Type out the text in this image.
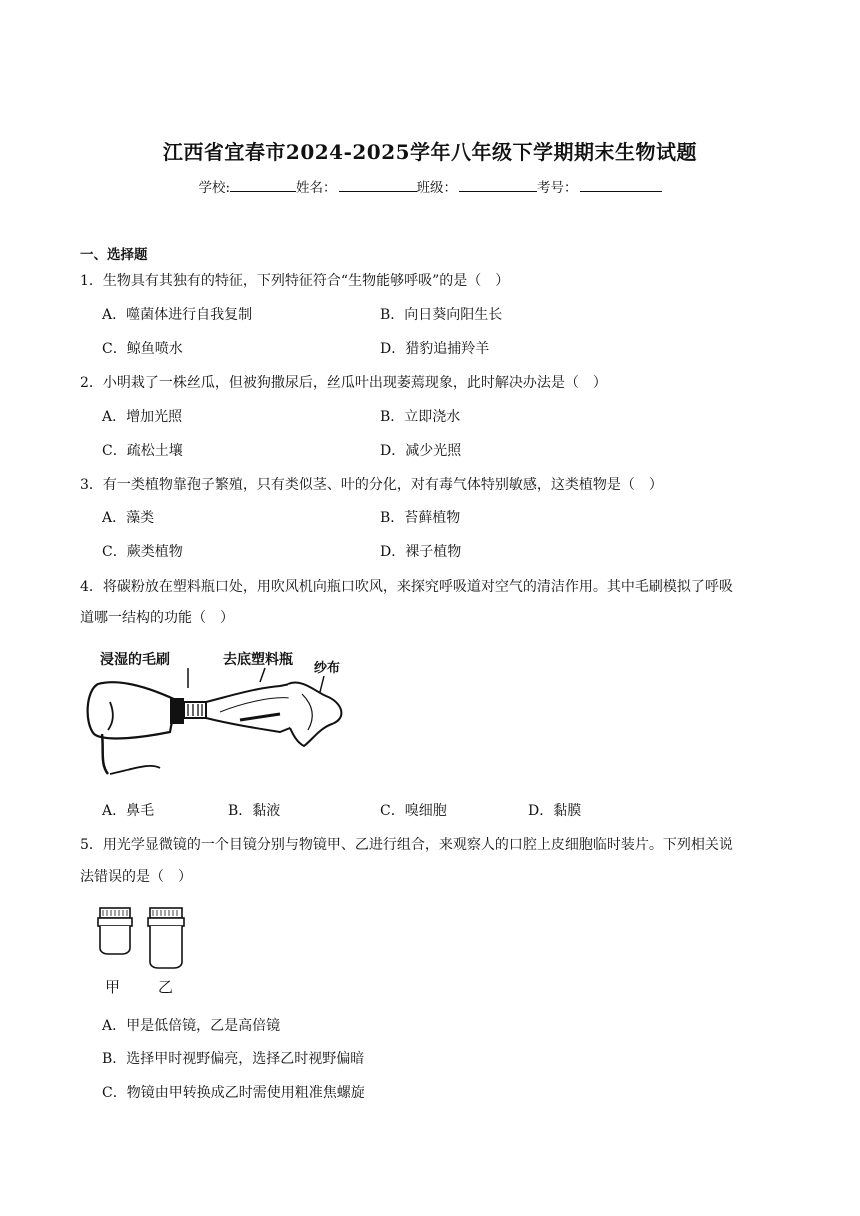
江西省宜春市2024-2025学年八年级下学期期末生物试题
学校:	姓名：	班级：	考号：
一、选择题
1．生物具有其独有的特征，下列特征符合“生物能够呼吸”的是（　）
A．噬菌体进行自我复制	B．向日葵向阳生长
C．鲸鱼喷水	D．猎豹追捕羚羊
2．小明栽了一株丝瓜，但被狗撒尿后，丝瓜叶出现萎蔫现象，此时解决办法是（　）
A．增加光照	B．立即浇水
C．疏松土壤	D．减少光照
3．有一类植物靠孢子繁殖，只有类似茎、叶的分化，对有毒气体特别敏感，这类植物是（　）
A．藻类	B．苔藓植物
C．蕨类植物	D．裸子植物
4．将碳粉放在塑料瓶口处，用吹风机向瓶口吹风，来探究呼吸道对空气的清洁作用。其中毛刷模拟了呼吸
道哪一结构的功能（　）
浸湿的毛刷	去底塑料瓶
纱布
A．鼻毛	B．黏液	C．嗅细胞	D．黏膜
5．用光学显微镜的一个目镜分别与物镜甲、乙进行组合，来观察人的口腔上皮细胞临时装片。下列相关说
法错误的是（　）
甲	乙
A．甲是低倍镜，乙是高倍镜
B．选择甲时视野偏亮，选择乙时视野偏暗
C．物镜由甲转换成乙时需使用粗准焦螺旋
